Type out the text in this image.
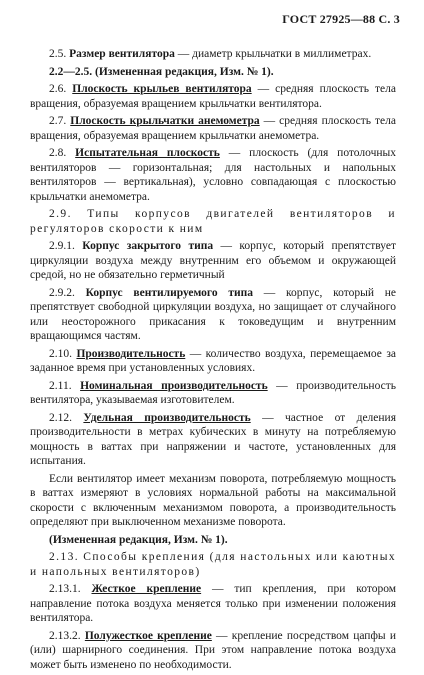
ГОСТ 27925—88 С. 3

2.5. Размер вентилятора — диаметр крыльчатки в миллиметрах.

2.2—2.5. (Измененная редакция, Изм. № 1).

2.6. Плоскость крыльев вентилятора — средняя плоскость тела вращения, образуемая вращением крыльчатки вентилятора.

2.7. Плоскость крыльчатки анемометра — средняя плоскость тела вращения, образуемая вращением крыльчатки анемометра.

2.8. Испытательная плоскость — плоскость (для потолочных вентиляторов — горизонтальная; для настольных и напольных вентиляторов — вертикальная), условно совпадающая с плоскостью крыльчатки анемометра.

2.9. Типы корпусов двигателей вентиляторов и регуляторов скорости к ним

2.9.1. Корпус закрытого типа — корпус, который препятствует циркуляции воздуха между внутренним его объемом и окружающей средой, но не обязательно герметичный

2.9.2. Корпус вентилируемого типа — корпус, который не препятствует свободной циркуляции воздуха, но защищает от случайного или неосторожного прикасания к токоведущим и внутренним вращающимся частям.

2.10. Производительность — количество воздуха, перемещаемое за заданное время при установленных условиях.

2.11. Номинальная производительность — производительность вентилятора, указываемая изготовителем.

2.12. Удельная производительность — частное от деления производительности в метрах кубических в минуту на потребляемую мощность в ваттах при напряжении и частоте, установленных для испытания.

Если вентилятор имеет механизм поворота, потребляемую мощность в ваттах измеряют в условиях нормальной работы на максимальной скорости с включенным механизмом поворота, а производительность определяют при выключенном механизме поворота.

(Измененная редакция, Изм. № 1).

2.13. Способы крепления (для настольных или каютных и напольных вентиляторов)

2.13.1. Жесткое крепление — тип крепления, при котором направление потока воздуха меняется только при изменении положения вентилятора.

2.13.2. Полужесткое крепление — крепление посредством цапфы и (или) шарнирного соединения. При этом направление потока воздуха может быть изменено по необходимости.
